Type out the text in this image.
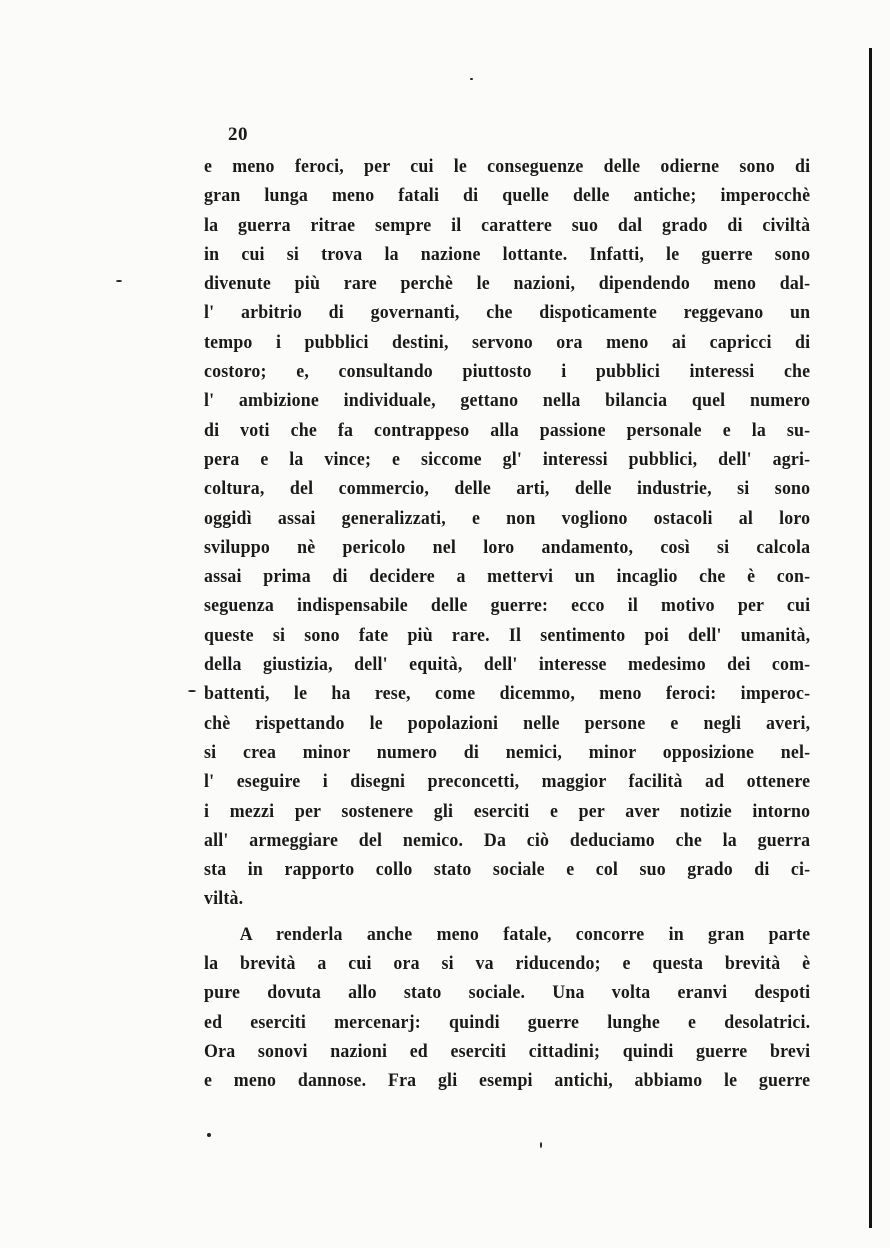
20
e meno feroci, per cui le conseguenze delle odierne sono di
gran lunga meno fatali di quelle delle antiche; imperocchè
la guerra ritrae sempre il carattere suo dal grado di civiltà
in cui si trova la nazione lottante. Infatti, le guerre sono
divenute più rare perchè le nazioni, dipendendo meno dal-
l' arbitrio di governanti, che dispoticamente reggevano un
tempo i pubblici destini, servono ora meno ai capricci di
costoro; e, consultando piuttosto i pubblici interessi che
l' ambizione individuale, gettano nella bilancia quel numero
di voti che fa contrappeso alla passione personale e la su-
pera e la vince; e siccome gl' interessi pubblici, dell' agri-
coltura, del commercio, delle arti, delle industrie, si sono
oggidì assai generalizzati, e non vogliono ostacoli al loro
sviluppo nè pericolo nel loro andamento, così si calcola
assai prima di decidere a mettervi un incaglio che è con-
seguenza indispensabile delle guerre: ecco il motivo per cui
queste si sono fate più rare. Il sentimento poi dell' umanità,
della giustizia, dell' equità, dell' interesse medesimo dei com-
battenti, le ha rese, come dicemmo, meno feroci: imperoc-
chè rispettando le popolazioni nelle persone e negli averi,
si crea minor numero di nemici, minor opposizione nel-
l' eseguire i disegni preconcetti, maggior facilità ad ottenere
i mezzi per sostenere gli eserciti e per aver notizie intorno
all' armeggiare del nemico. Da ciò deduciamo che la guerra
sta in rapporto collo stato sociale e col suo grado di ci-
viltà.
A renderla anche meno fatale, concorre in gran parte
la brevità a cui ora si va riducendo; e questa brevità è
pure dovuta allo stato sociale. Una volta eranvi despoti
ed eserciti mercenarj: quindi guerre lunghe e desolatrici.
Ora sonovi nazioni ed eserciti cittadini; quindi guerre brevi
e meno dannose. Fra gli esempi antichi, abbiamo le guerre
